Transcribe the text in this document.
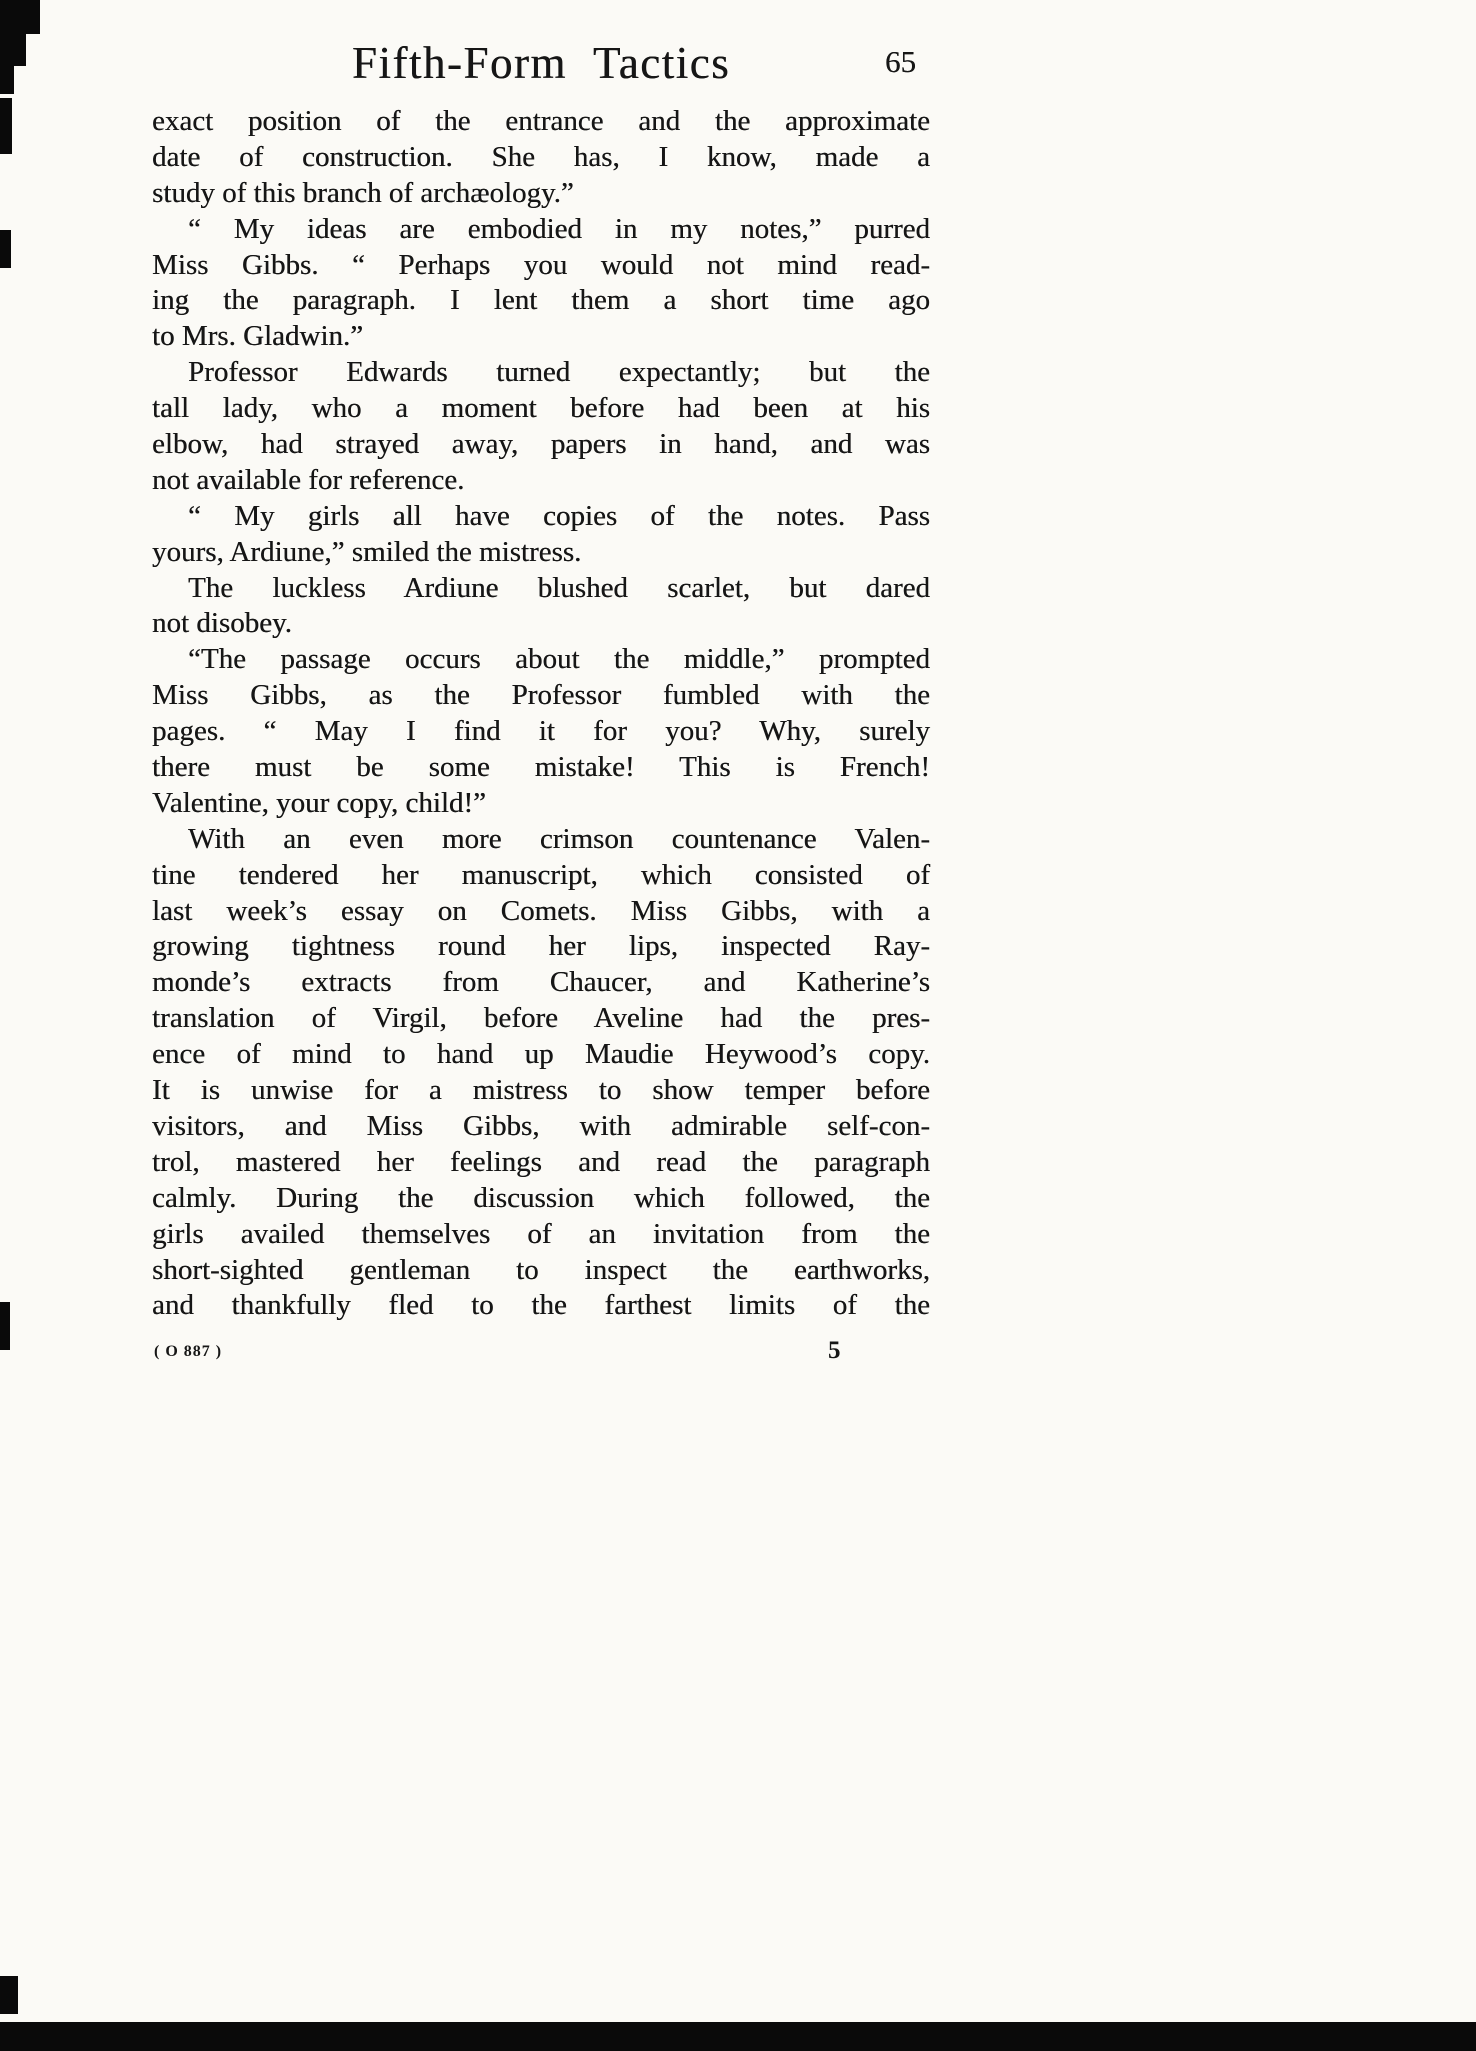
Fifth-Form Tactics	65
exact position of the entrance and the approximate
date of construction. She has, I know, made a
study of this branch of archæology.”
“ My ideas are embodied in my notes,” purred
Miss Gibbs. “ Perhaps you would not mind read-
ing the paragraph. I lent them a short time ago
to Mrs. Gladwin.”
Professor Edwards turned expectantly; but the
tall lady, who a moment before had been at his
elbow, had strayed away, papers in hand, and was
not available for reference.
“ My girls all have copies of the notes. Pass
yours, Ardiune,” smiled the mistress.
The luckless Ardiune blushed scarlet, but dared
not disobey.
“The passage occurs about the middle,” prompted
Miss Gibbs, as the Professor fumbled with the
pages. “ May I find it for you? Why, surely
there must be some mistake! This is French!
Valentine, your copy, child!”
With an even more crimson countenance Valen-
tine tendered her manuscript, which consisted of
last week’s essay on Comets. Miss Gibbs, with a
growing tightness round her lips, inspected Ray-
monde’s extracts from Chaucer, and Katherine’s
translation of Virgil, before Aveline had the pres-
ence of mind to hand up Maudie Heywood’s copy.
It is unwise for a mistress to show temper before
visitors, and Miss Gibbs, with admirable self-con-
trol, mastered her feelings and read the paragraph
calmly. During the discussion which followed, the
girls availed themselves of an invitation from the
short-sighted gentleman to inspect the earthworks,
and thankfully fled to the farthest limits of the
( O 887 )	5
